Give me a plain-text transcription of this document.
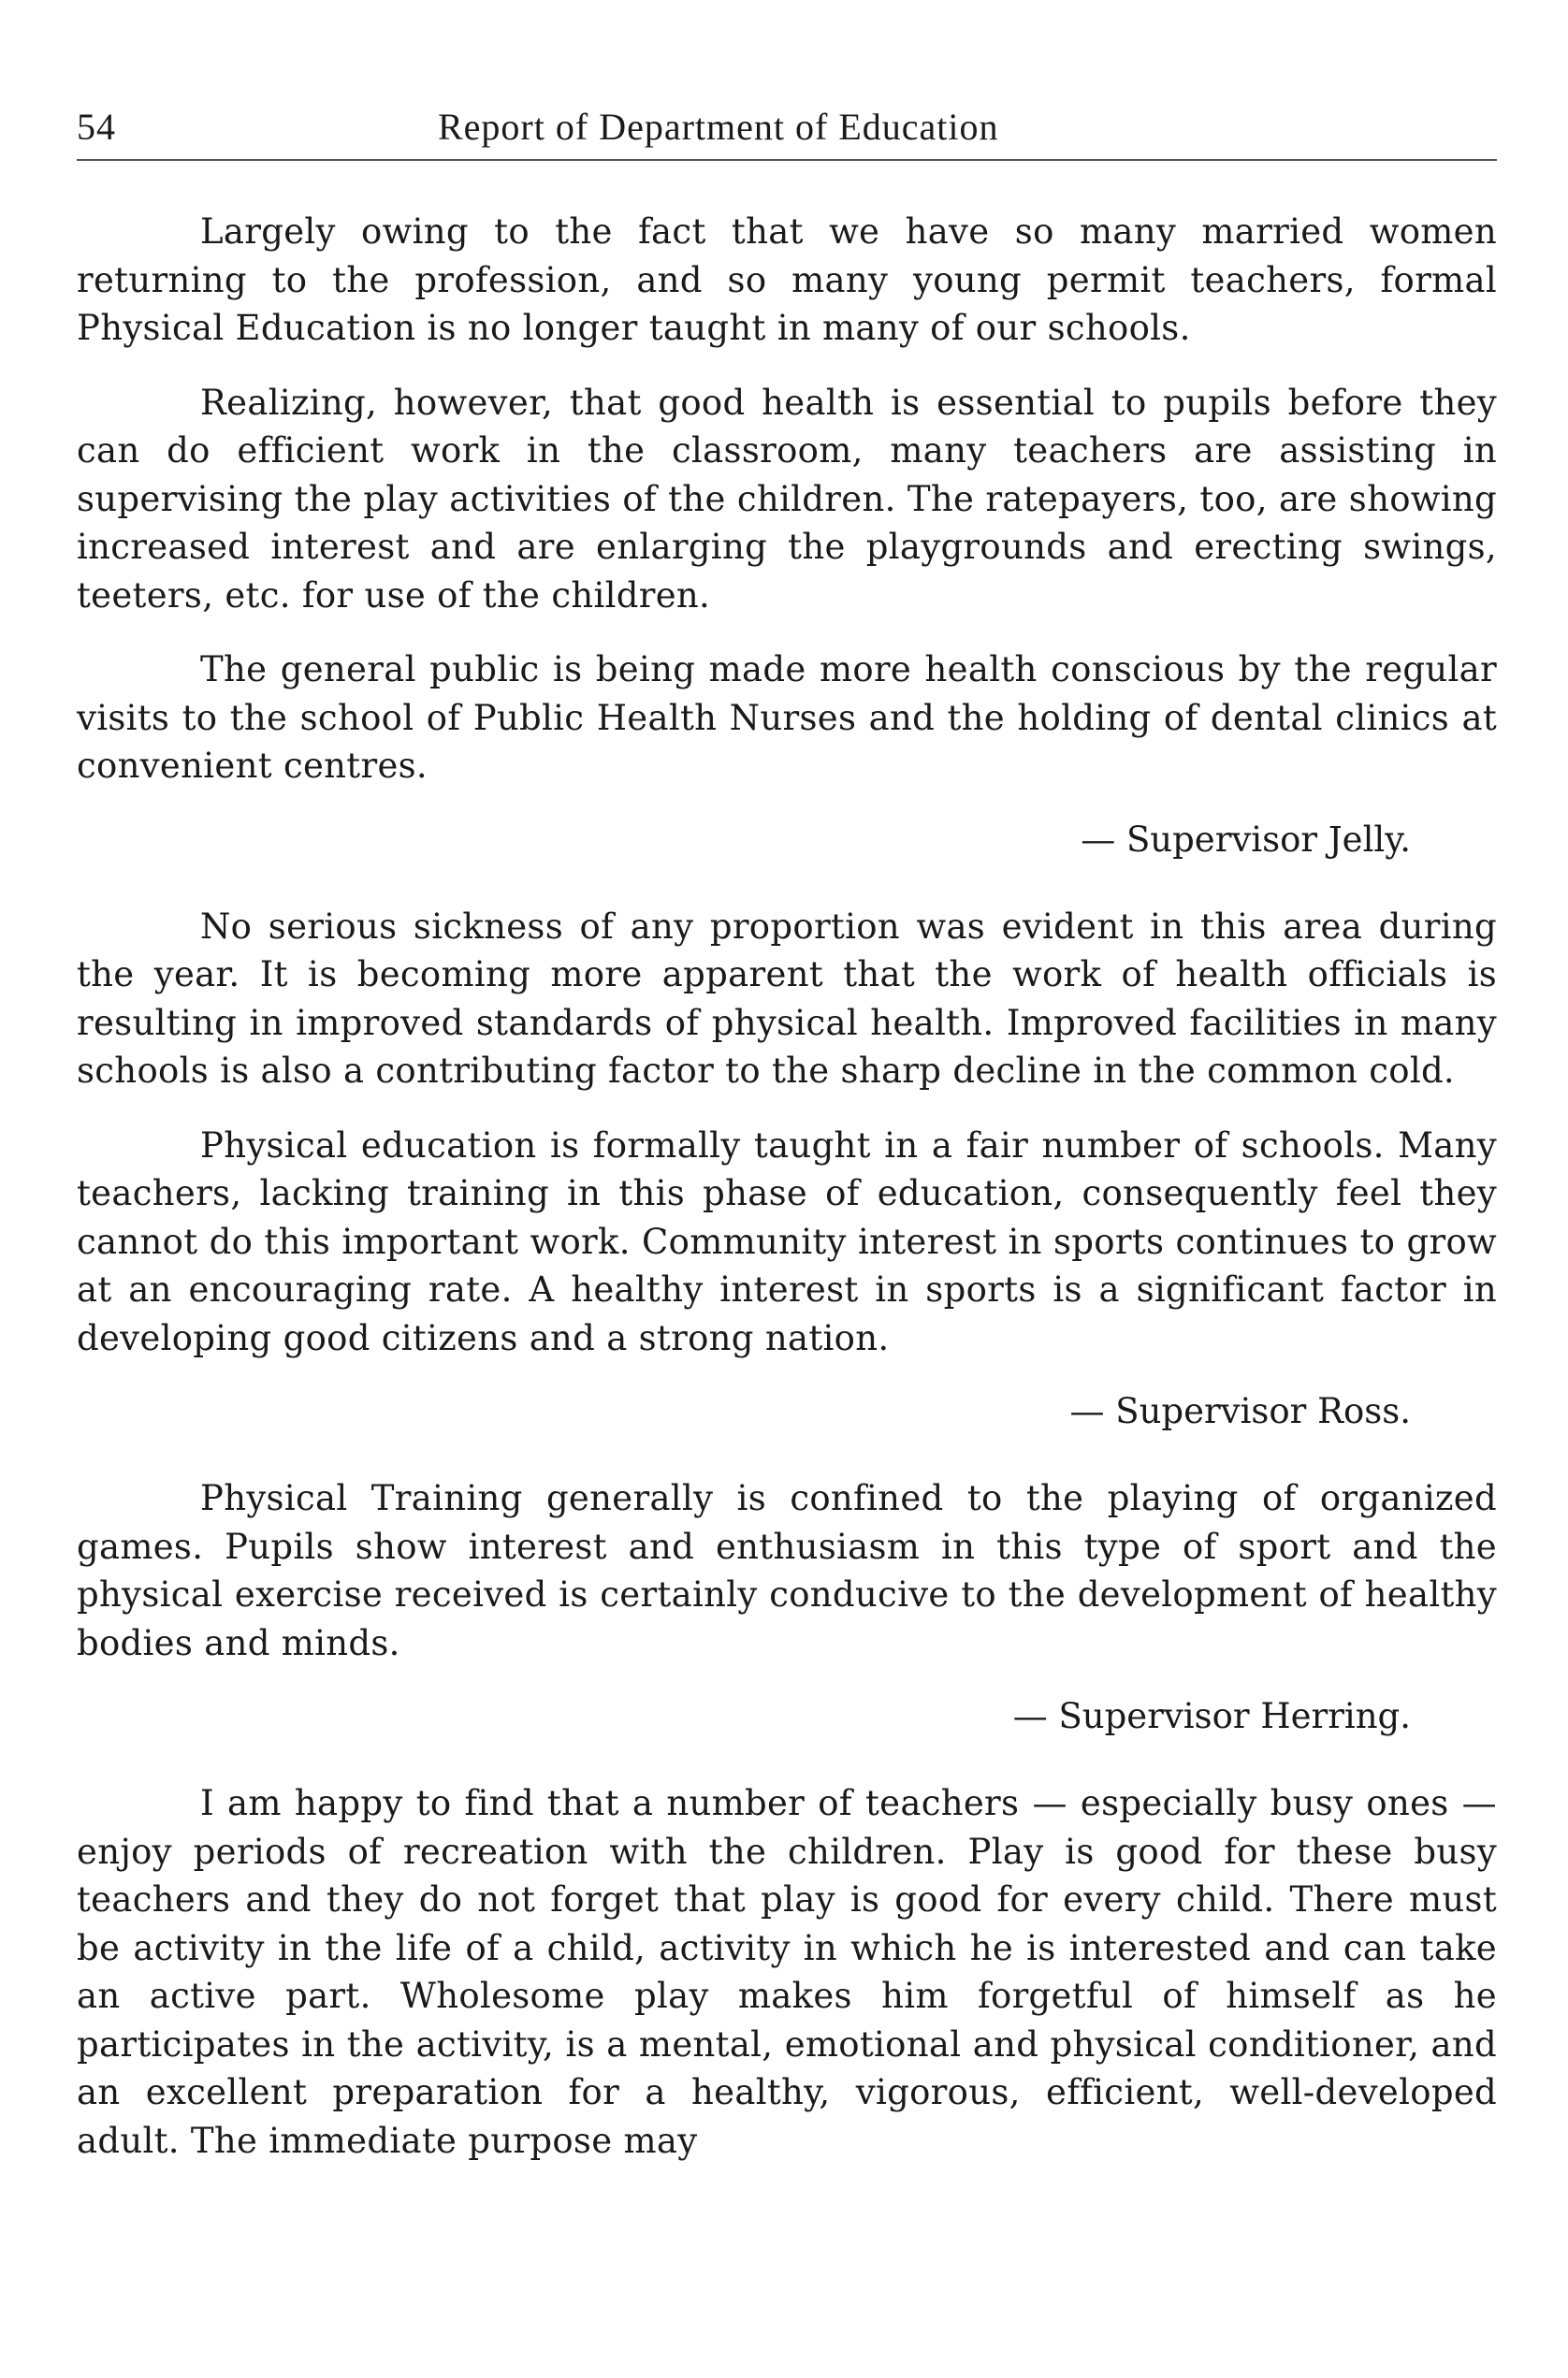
54	Report of Department of Education

Largely owing to the fact that we have so many married women returning to the profession, and so many young permit teachers, formal Physical Education is no longer taught in many of our schools.

Realizing, however, that good health is essential to pupils before they can do efficient work in the classroom, many teachers are assisting in supervising the play activities of the children. The ratepayers, too, are showing increased interest and are enlarging the playgrounds and erecting swings, teeters, etc. for use of the children.

The general public is being made more health conscious by the regular visits to the school of Public Health Nurses and the holding of dental clinics at convenient centres.

— Supervisor Jelly.

No serious sickness of any proportion was evident in this area during the year. It is becoming more apparent that the work of health officials is resulting in improved standards of physical health. Improved facilities in many schools is also a contributing factor to the sharp decline in the common cold.

Physical education is formally taught in a fair number of schools. Many teachers, lacking training in this phase of education, consequently feel they cannot do this important work. Community interest in sports continues to grow at an encouraging rate. A healthy interest in sports is a significant factor in developing good citizens and a strong nation.

— Supervisor Ross.

Physical Training generally is confined to the playing of organized games. Pupils show interest and enthusiasm in this type of sport and the physical exercise received is certainly conducive to the development of healthy bodies and minds.

— Supervisor Herring.

I am happy to find that a number of teachers — especially busy ones — enjoy periods of recreation with the children. Play is good for these busy teachers and they do not forget that play is good for every child. There must be activity in the life of a child, activity in which he is interested and can take an active part. Wholesome play makes him forgetful of himself as he participates in the activity, is a mental, emotional and physical conditioner, and an excellent preparation for a healthy, vigorous, efficient, well-developed adult. The immediate purpose may
